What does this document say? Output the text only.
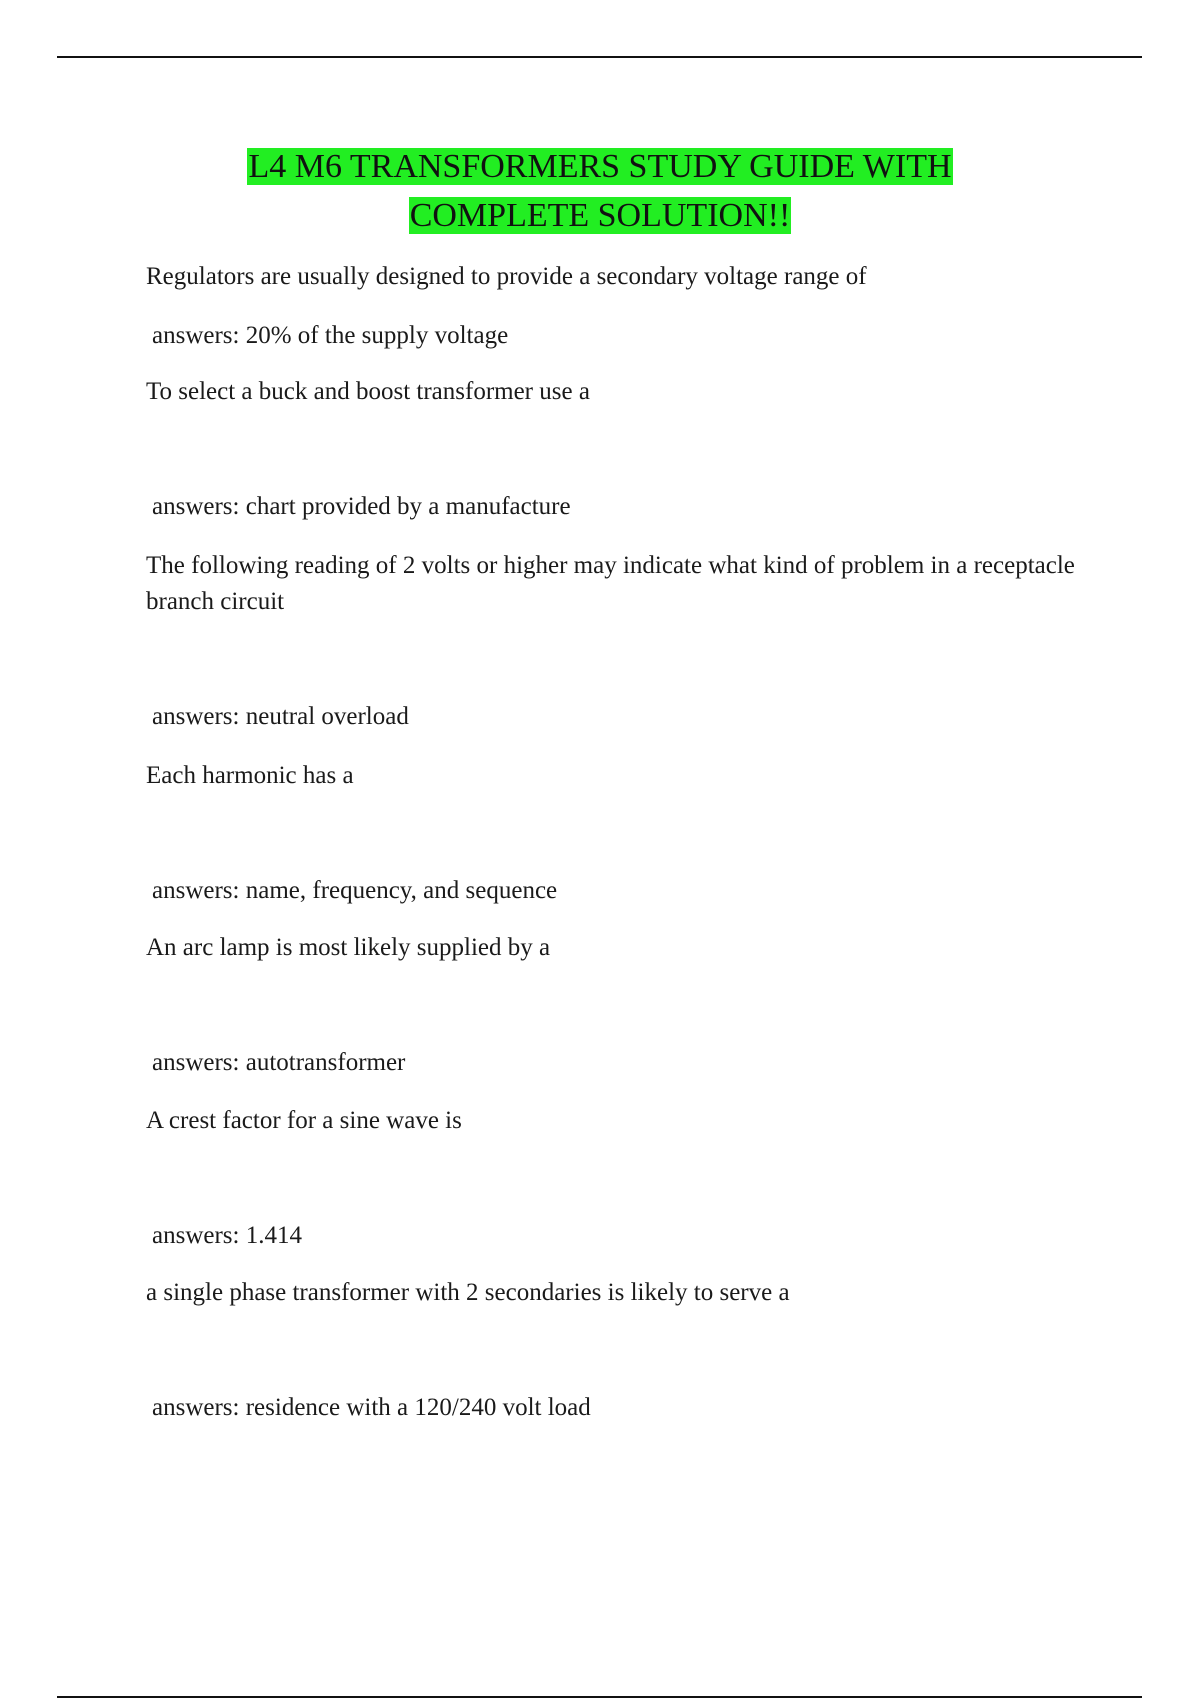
L4 M6 TRANSFORMERS STUDY GUIDE WITH
COMPLETE SOLUTION!!
Regulators are usually designed to provide a secondary voltage range of
answers: 20% of the supply voltage
To select a buck and boost transformer use a
answers: chart provided by a manufacture
The following reading of 2 volts or higher may indicate what kind of problem in a receptacle branch circuit
answers: neutral overload
Each harmonic has a
answers: name, frequency, and sequence
An arc lamp is most likely supplied by a
answers: autotransformer
A crest factor for a sine wave is
answers: 1.414
a single phase transformer with 2 secondaries is likely to serve a
answers: residence with a 120/240 volt load
